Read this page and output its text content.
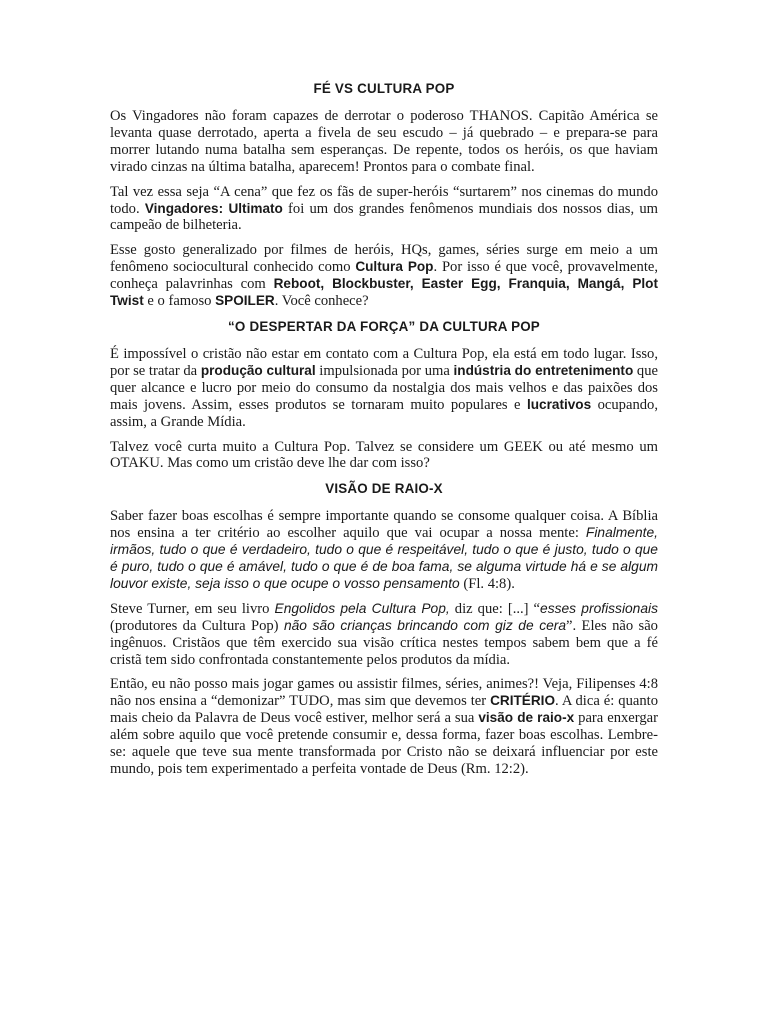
FÉ VS CULTURA POP

Os Vingadores não foram capazes de derrotar o poderoso THANOS. Capitão América se levanta quase derrotado, aperta a fivela de seu escudo – já quebrado – e prepara-se para morrer lutando numa batalha sem esperanças. De repente, todos os heróis, os que haviam virado cinzas na última batalha, aparecem! Prontos para o combate final.

Tal vez essa seja “A cena” que fez os fãs de super-heróis “surtarem” nos cinemas do mundo todo. Vingadores: Ultimato foi um dos grandes fenômenos mundiais dos nossos dias, um campeão de bilheteria.

Esse gosto generalizado por filmes de heróis, HQs, games, séries surge em meio a um fenômeno sociocultural conhecido como Cultura Pop. Por isso é que você, provavelmente, conheça palavrinhas com Reboot, Blockbuster, Easter Egg, Franquia, Mangá, Plot Twist e o famoso SPOILER. Você conhece?

“O DESPERTAR DA FORÇA” DA CULTURA POP

É impossível o cristão não estar em contato com a Cultura Pop, ela está em todo lugar. Isso, por se tratar da produção cultural impulsionada por uma indústria do entretenimento que quer alcance e lucro por meio do consumo da nostalgia dos mais velhos e das paixões dos mais jovens. Assim, esses produtos se tornaram muito populares e lucrativos ocupando, assim, a Grande Mídia.

Talvez você curta muito a Cultura Pop. Talvez se considere um GEEK ou até mesmo um OTAKU. Mas como um cristão deve lhe dar com isso?

VISÃO DE RAIO-X

Saber fazer boas escolhas é sempre importante quando se consome qualquer coisa. A Bíblia nos ensina a ter critério ao escolher aquilo que vai ocupar a nossa mente: Finalmente, irmãos, tudo o que é verdadeiro, tudo o que é respeitável, tudo o que é justo, tudo o que é puro, tudo o que é amável, tudo o que é de boa fama, se alguma virtude há e se algum louvor existe, seja isso o que ocupe o vosso pensamento (Fl. 4:8).

Steve Turner, em seu livro Engolidos pela Cultura Pop, diz que: [...] “esses profissionais (produtores da Cultura Pop) não são crianças brincando com giz de cera”. Eles não são ingênuos. Cristãos que têm exercido sua visão crítica nestes tempos sabem bem que a fé cristã tem sido confrontada constantemente pelos produtos da mídia.

Então, eu não posso mais jogar games ou assistir filmes, séries, animes?! Veja, Filipenses 4:8 não nos ensina a “demonizar” TUDO, mas sim que devemos ter CRITÉRIO. A dica é: quanto mais cheio da Palavra de Deus você estiver, melhor será a sua visão de raio-x para enxergar além sobre aquilo que você pretende consumir e, dessa forma, fazer boas escolhas. Lembre-se: aquele que teve sua mente transformada por Cristo não se deixará influenciar por este mundo, pois tem experimentado a perfeita vontade de Deus (Rm. 12:2).
